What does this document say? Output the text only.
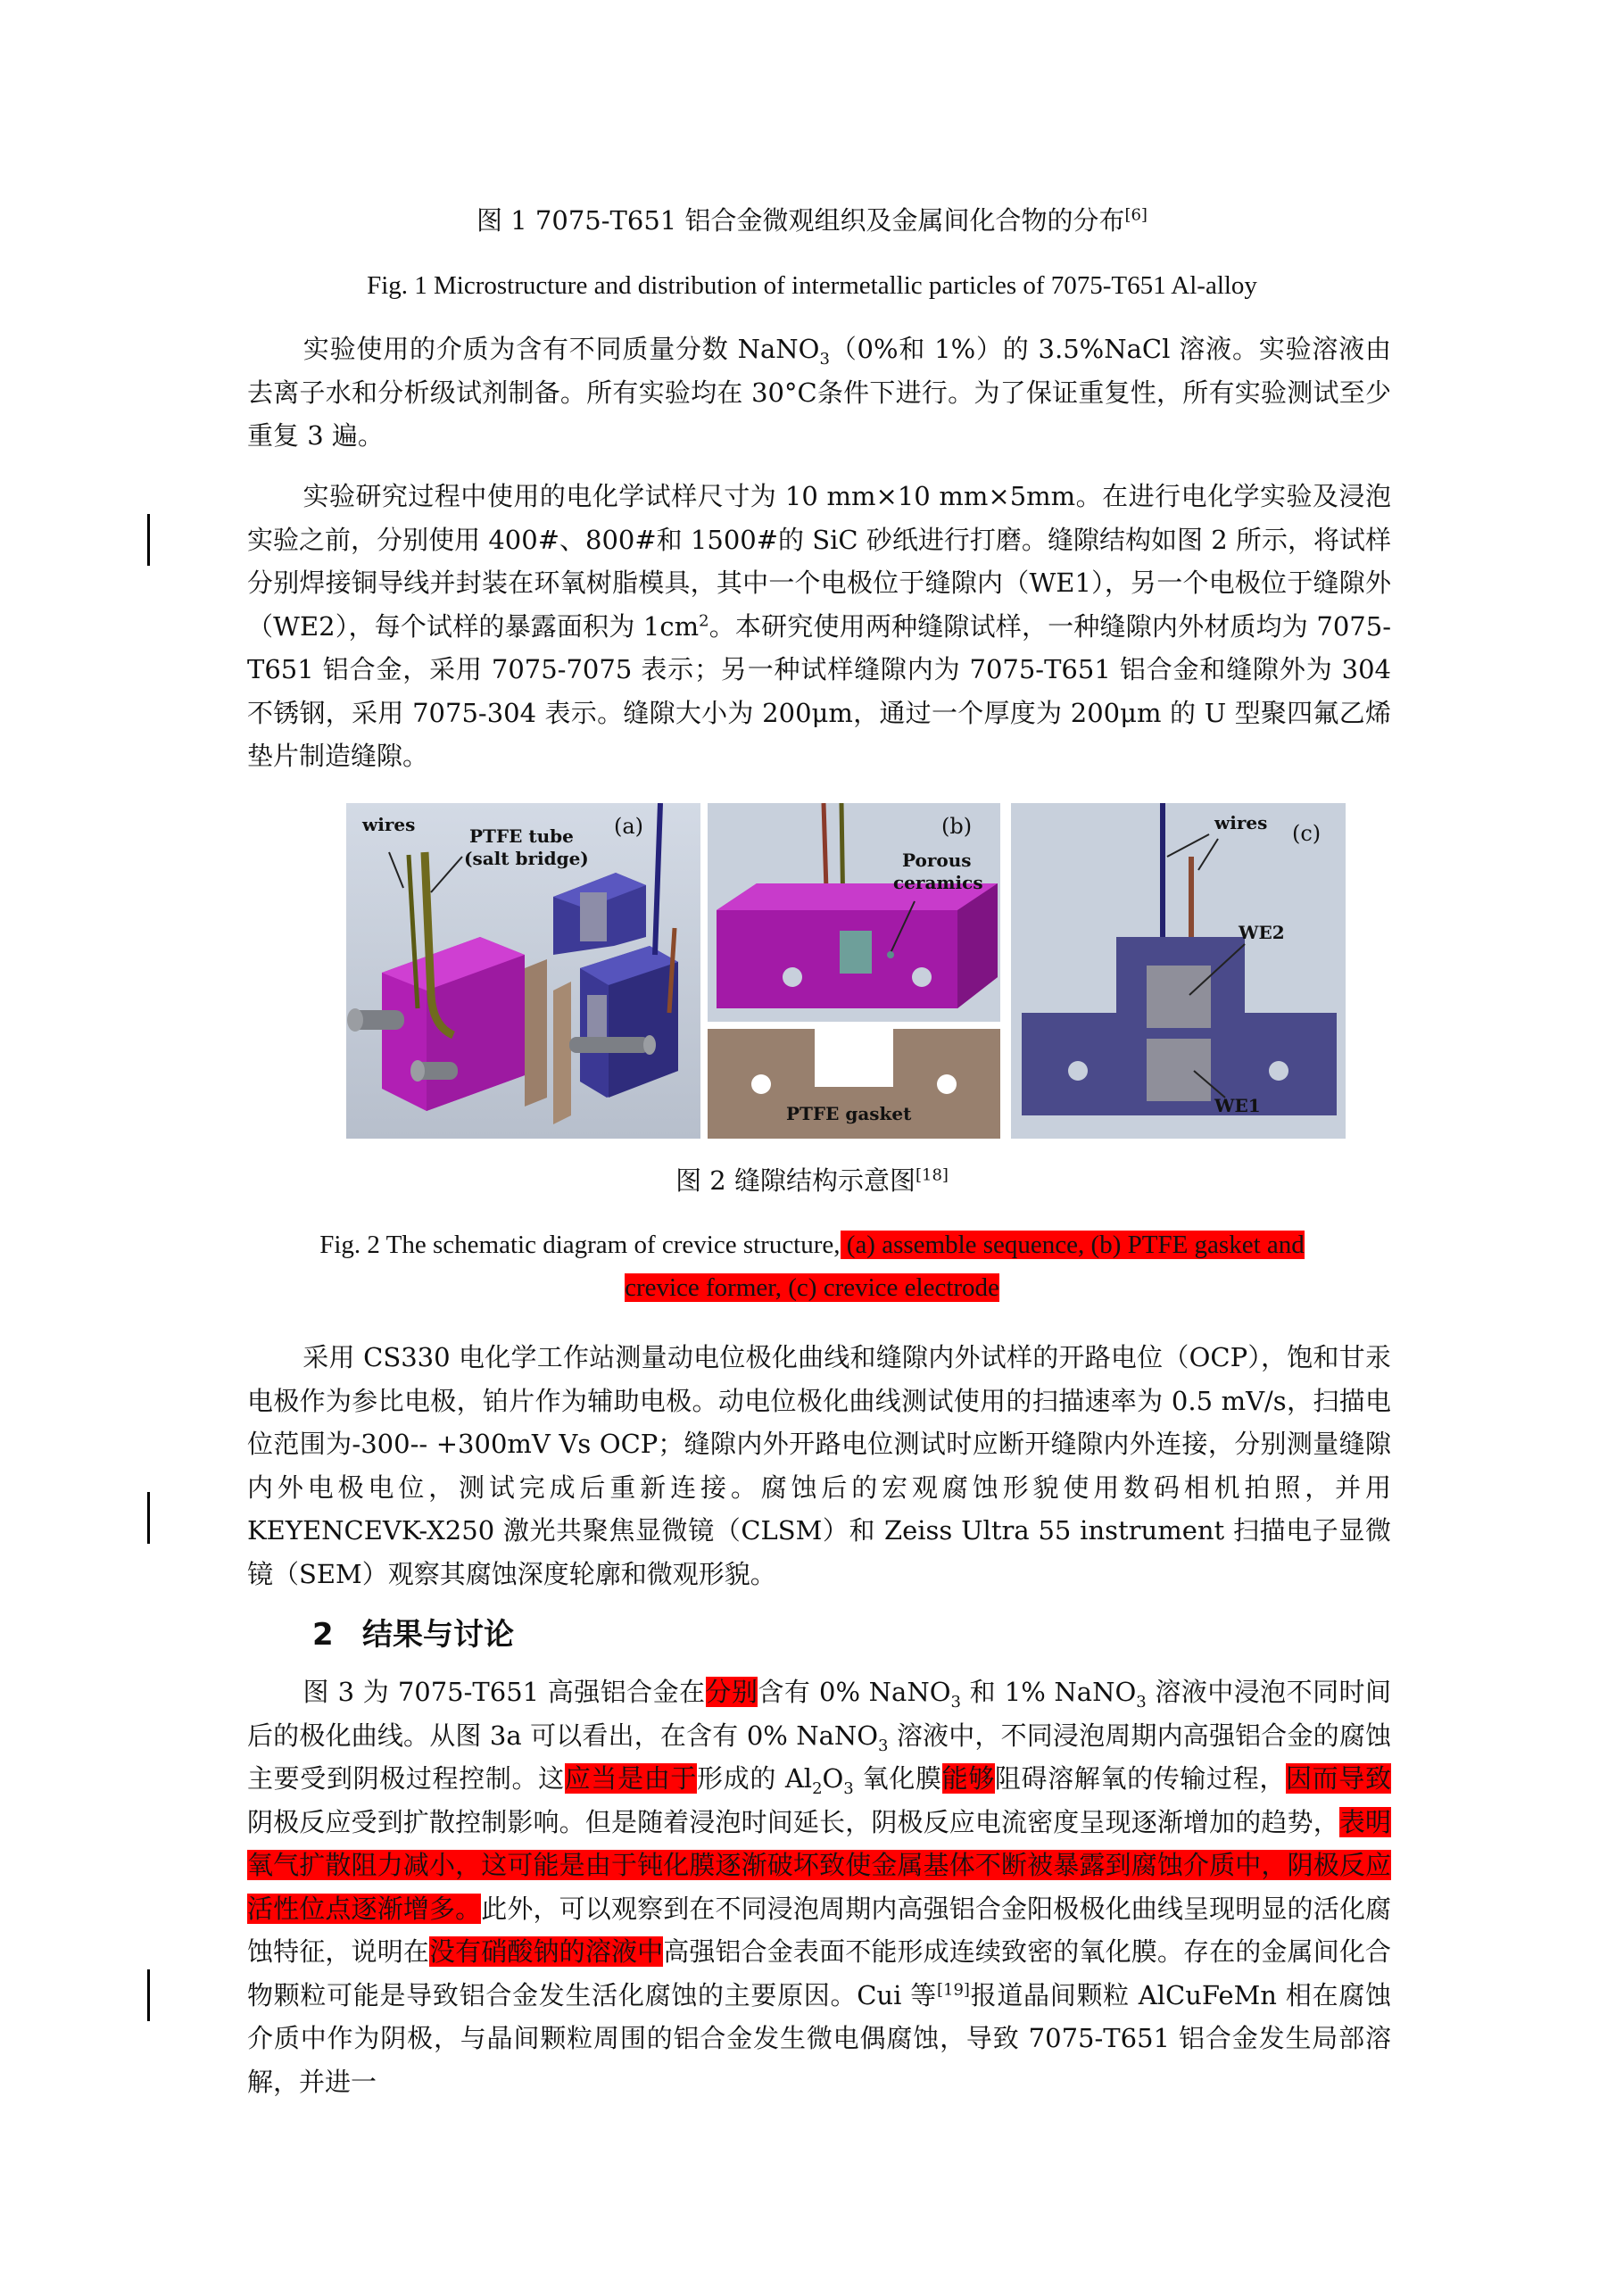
图 1 7075-T651 铝合金微观组织及金属间化合物的分布[6]
Fig. 1 Microstructure and distribution of intermetallic particles of 7075-T651 Al-alloy

实验使用的介质为含有不同质量分数 NaNO$_3$（0%和 1%）的 3.5%NaCl 溶液。实验溶液由去离子水和分析级试剂制备。所有实验均在 30°C条件下进行。为了保证重复性，所有实验测试至少重复 3 遍。

实验研究过程中使用的电化学试样尺寸为 10 mm×10 mm×5mm。在进行电化学实验及浸泡实验之前，分别使用 400#、800#和 1500#的 SiC 砂纸进行打磨。缝隙结构如图 2 所示，将试样分别焊接铜导线并封装在环氧树脂模具，其中一个电极位于缝隙内（WE1），另一个电极位于缝隙外（WE2），每个试样的暴露面积为 $1cm^2$。本研究使用两种缝隙试样，一种缝隙内外材质均为 7075-T651 铝合金，采用 7075-7075 表示；另一种试样缝隙内为 7075-T651 铝合金和缝隙外为 304 不锈钢，采用 7075-304 表示。缝隙大小为 200μm，通过一个厚度为 200μm 的 U 型聚四氟乙烯垫片制造缝隙。

wires
PTFE tube
(salt bridge)
(a)	(b)
Porous
ceramics
PTFE gasket
wires (c)
WE2
WE1
图 2 缝隙结构示意图[18]
Fig. 2 The schematic diagram of crevice structure, (a) assemble sequence, (b) PTFE gasket and
crevice former, (c) crevice electrode

采用 CS330 电化学工作站测量动电位极化曲线和缝隙内外试样的开路电位（OCP），饱和甘汞电极作为参比电极，铂片作为辅助电极。动电位极化曲线测试使用的扫描速率为 0.5 mV/s，扫描电位范围为-300-- +300mV Vs OCP；缝隙内外开路电位测试时应断开缝隙内外连接，分别测量缝隙内外电极电位，测试完成后重新连接。腐蚀后的宏观腐蚀形貌使用数码相机拍照，并用 KEYENCEVK-X250 激光共聚焦显微镜（CLSM）和 Zeiss Ultra 55 instrument 扫描电子显微镜（SEM）观察其腐蚀深度轮廓和微观形貌。

2 结果与讨论

图 3 为 7075-T651 高强铝合金在分别含有 0% NaNO$_3$ 和 1% NaNO$_3$ 溶液中浸泡不同时间后的极化曲线。从图 3a 可以看出，在含有 0% NaNO$_3$ 溶液中，不同浸泡周期内高强铝合金的腐蚀主要受到阴极过程控制。这应当是由于形成的 $Al_2O_3$ 氧化膜能够阻碍溶解氧的传输过程，因而导致阴极反应受到扩散控制影响。但是随着浸泡时间延长，阴极反应电流密度呈现逐渐增加的趋势，表明氧气扩散阻力减小，这可能是由于钝化膜逐渐破坏致使金属基体不断被暴露到腐蚀介质中，阴极反应活性位点逐渐增多。此外，可以观察到在不同浸泡周期内高强铝合金阳极极化曲线呈现明显的活化腐蚀特征，说明在没有硝酸钠的溶液中高强铝合金表面不能形成连续致密的氧化膜。存在的金属间化合物颗粒可能是导致铝合金发生活化腐蚀的主要原因。Cui 等[19]报道晶间颗粒 AlCuFeMn 相在腐蚀介质中作为阴极，与晶间颗粒周围的铝合金发生微电偶腐蚀，导致 7075-T651 铝合金发生局部溶解，并进一
